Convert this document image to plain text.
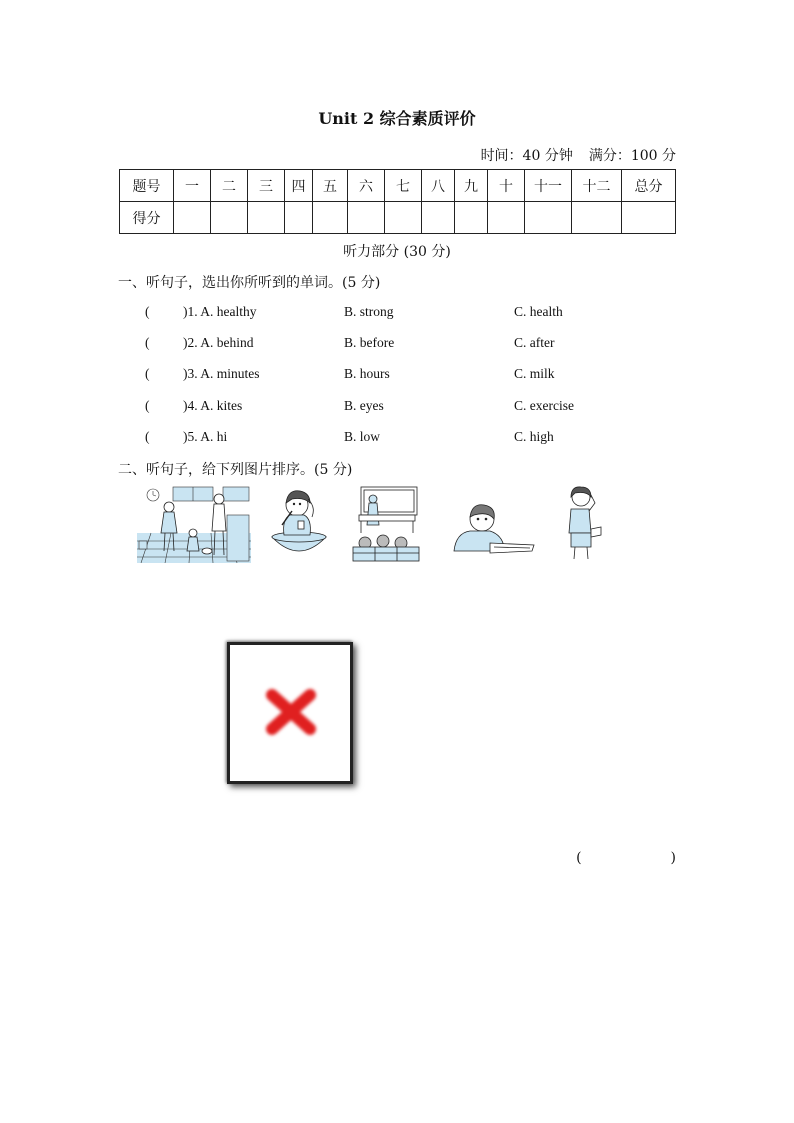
Unit 2 综合素质评价
时间：40 分钟 满分：100 分
题号	一	二	三	四	五	六	七	八	九	十	十一	十二	总分
得分													
听力部分 (30 分)
一、听句子，选出你所听到的单词。(5 分)
( )1. A. healthy	B. strong	C. health
( )2. A. behind	B. before	C. after
( )3. A. minutes	B. hours	C. milk
( )4. A. kites	B. eyes	C. exercise
( )5. A. hi	B. low	C. high
二、听句子，给下列图片排序。(5 分)
(                    )
